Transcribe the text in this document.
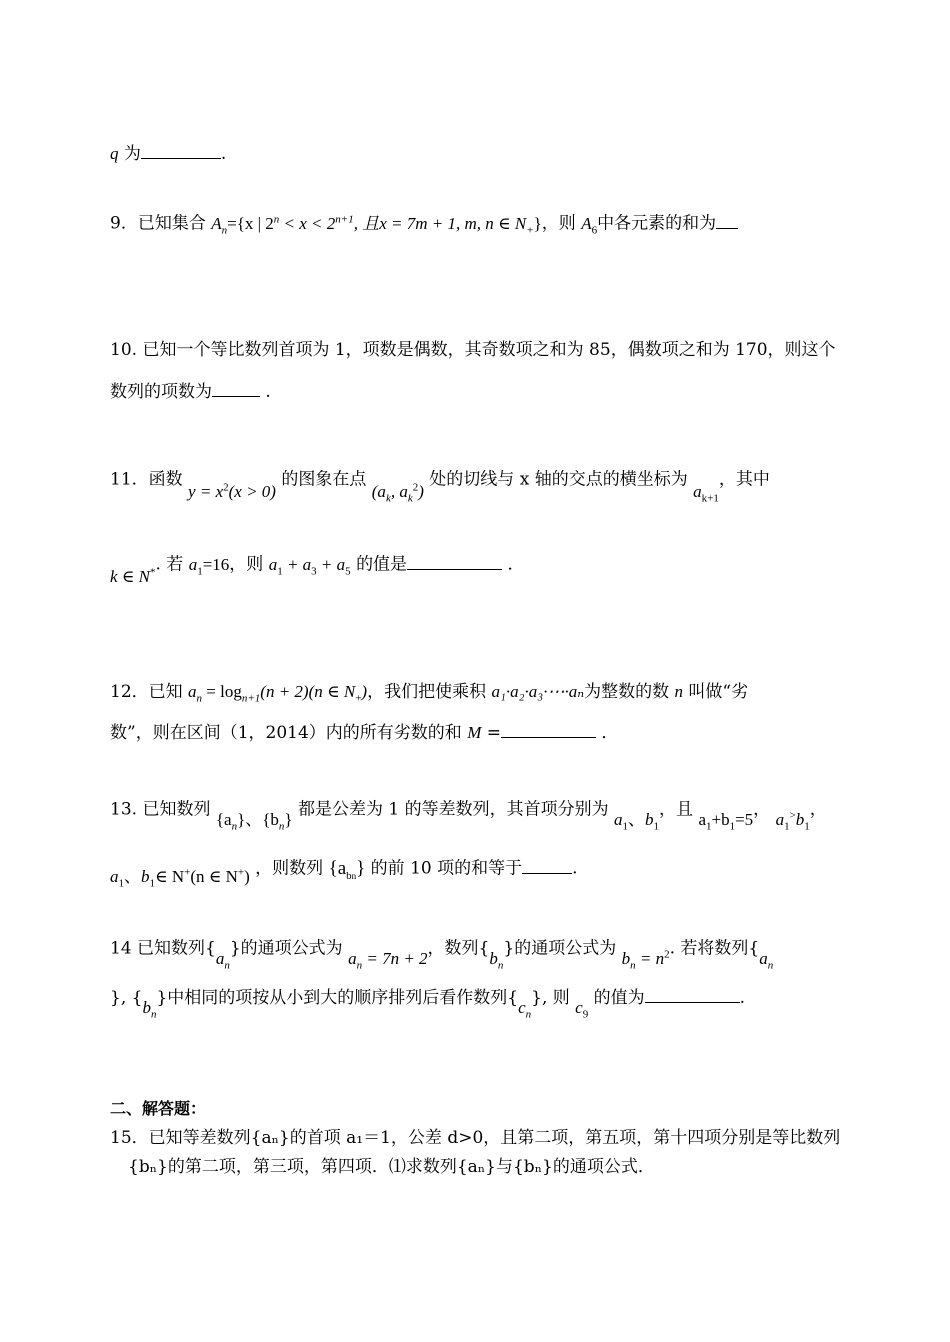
q 为	.
9．已知集合 $A_n=\{x$ | $2^n < x < 2^{n+1}$, 且x = 7m + 1, m, n ∈ $N_+$}，则 $A_6$中各元素的和为
10. 已知一个等比数列首项为 1，项数是偶数，其奇数项之和为 85，偶数项之和为 170，则这个
数列的项数为	.
11．函数 $y = x^2(x > 0)$ 的图象在点 ($a_k$, $a_k^2$) 处的切线与 x 轴的交点的横坐标为 $a_{k+1}$，其中
k ∈ N*. 若 $a_1=16$，则 $a_1 + a_3 + a_5$ 的值是	．
12．已知 $a_n = \log_{n+1}(n + 2)(n$ ∈ $N_+$)，我们把使乘积 a₁·a₂·a₃·⋯·aₙ为整数的数 n 叫做“劣
数”，则在区间（1，2014）内的所有劣数的和 M =	．
13. 已知数列 $\{a_n\}$、$\{b_n\}$ 都是公差为 1 的等差数列，其首项分别为 $a_1$、$b_1$，且 $a_1+b_1=5$， $a_1^>b_1$，
$a_1$、$b_1\in$ N+(n ∈ N+) ，则数列 $\{a_{bn}\}$ 的前 10 项的和等于	.
14 已知数列$\{a_n\}$的通项公式为 $a_n = 7n + 2$，数列$\{b_n\}$的通项公式为 $b_n = n^2$. 若将数列{$a_n$
}, $\{b_n\}$中相同的项按从小到大的顺序排列后看作数列$\{c_n\}$, 则 $c_9$ 的值为	.
二、解答题：
15．已知等差数列{aₙ}的首项 a₁＝1，公差 d>0，且第二项，第五项，第十四项分别是等比数列
{bₙ}的第二项，第三项，第四项．⑴求数列{aₙ}与{bₙ}的通项公式．
